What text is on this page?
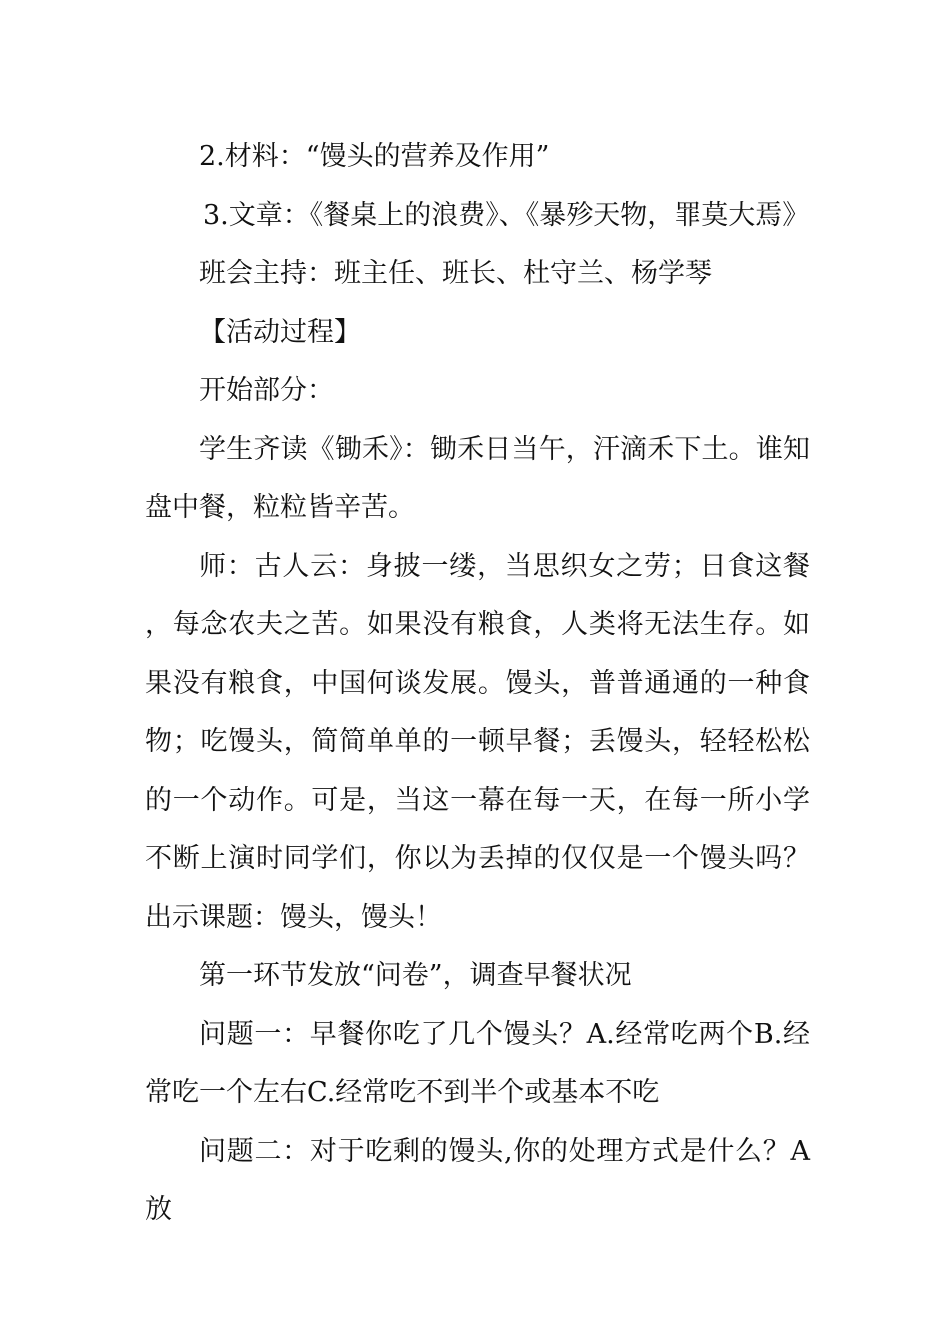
2.材料：“馒头的营养及作用”

3.文章：《餐桌上的浪费》、《暴殄天物，罪莫大焉》

班会主持：班主任、班长、杜守兰、杨学琴

【活动过程】

开始部分：

学生齐读《锄禾》：锄禾日当午，汗滴禾下土。谁知盘中餐，粒粒皆辛苦。

师：古人云：身披一缕，当思织女之劳；日食这餐，每念农夫之苦。如果没有粮食，人类将无法生存。如果没有粮食，中国何谈发展。馒头，普普通通的一种食物；吃馒头，简简单单的一顿早餐；丢馒头，轻轻松松的一个动作。可是，当这一幕在每一天，在每一所小学不断上演时同学们，你以为丢掉的仅仅是一个馒头吗？出示课题：馒头，馒头！

第一环节发放“问卷”，调查早餐状况

问题一：早餐你吃了几个馒头？A.经常吃两个B.经常吃一个左右C.经常吃不到半个或基本不吃

问题二：对于吃剩的馒头,你的处理方式是什么？A放
